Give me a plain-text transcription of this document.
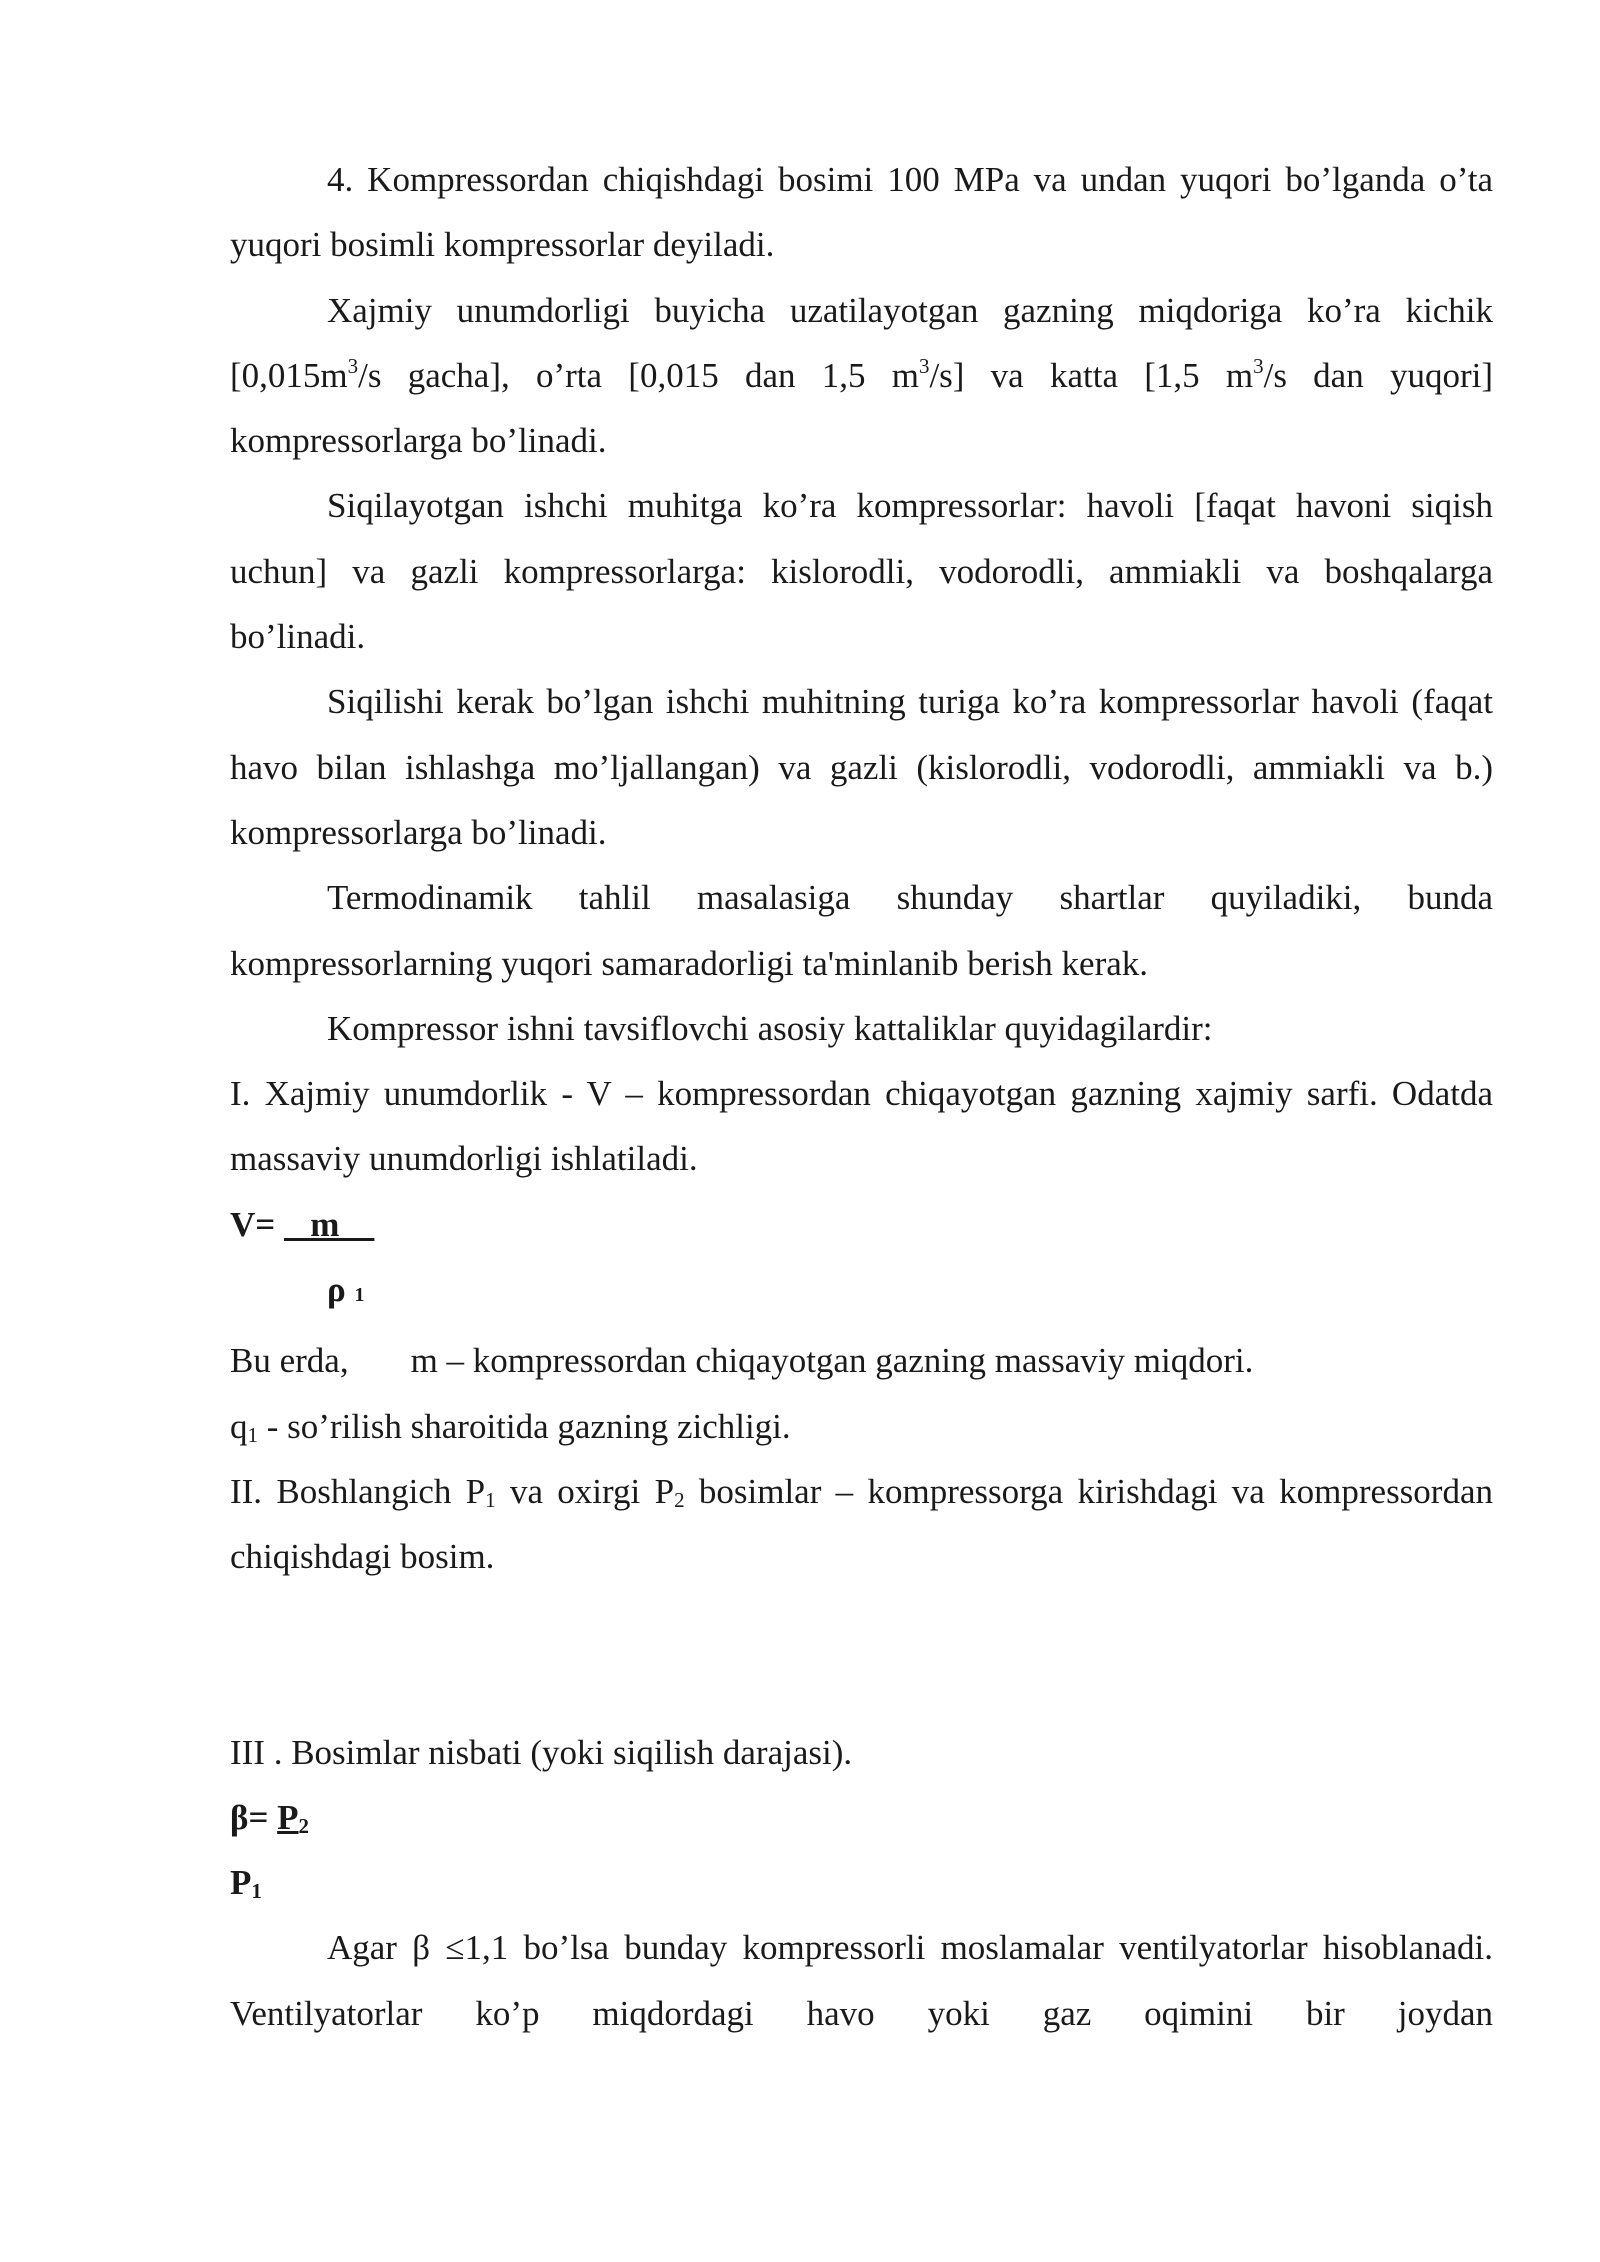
4. Kompressordan chiqishdagi bosimi 100 MPa va undan yuqori bo’lganda o’ta yuqori bosimli kompressorlar deyiladi.

Xajmiy unumdorligi buyicha uzatilayotgan gazning miqdoriga ko’ra kichik [$0,015m^3/s$ gacha], o’rta [0,015 dan 1,5 $m^3/s$] va katta [1,5 $m^3/s$ dan yuqori] kompressorlarga bo’linadi.

Siqilayotgan ishchi muhitga ko’ra kompressorlar: havoli [faqat havoni siqish uchun] va gazli kompressorlarga: kislorodli, vodorodli, ammiakli va boshqalarga bo’linadi.

Siqilishi kerak bo’lgan ishchi muhitning turiga ko’ra kompressorlar havoli (faqat havo bilan ishlashga mo’ljallangan) va gazli (kislorodli, vodorodli, ammiakli va b.) kompressorlarga bo’linadi.

Termodinamik tahlil masalasiga shunday shartlar quyiladiki, bunda kompressorlarning yuqori samaradorligi ta'minlanib berish kerak.

Kompressor ishni tavsiflovchi asosiy kattaliklar quyidagilardir:

I. Xajmiy unumdorlik - V – kompressordan chiqayotgan gazning xajmiy sarfi. Odatda massaviy unumdorligi ishlatiladi.

V=    m

ρ 1

Bu erda, m – kompressordan chiqayotgan gazning massaviy miqdori.

$q_1$ - so’rilish sharoitida gazning zichligi.

II. Boshlangich $P_1$ va oxirgi $P_2$ bosimlar – kompressorga kirishdagi va kompressordan chiqishdagi bosim.

III . Bosimlar nisbati (yoki siqilish darajasi).

$\beta= P_2$

$P_1$

Agar β ≤1,1 bo’lsa bunday kompressorli moslamalar ventilyatorlar hisoblanadi. Ventilyatorlar ko’p miqdordagi havo yoki gaz oqimini bir joydan
